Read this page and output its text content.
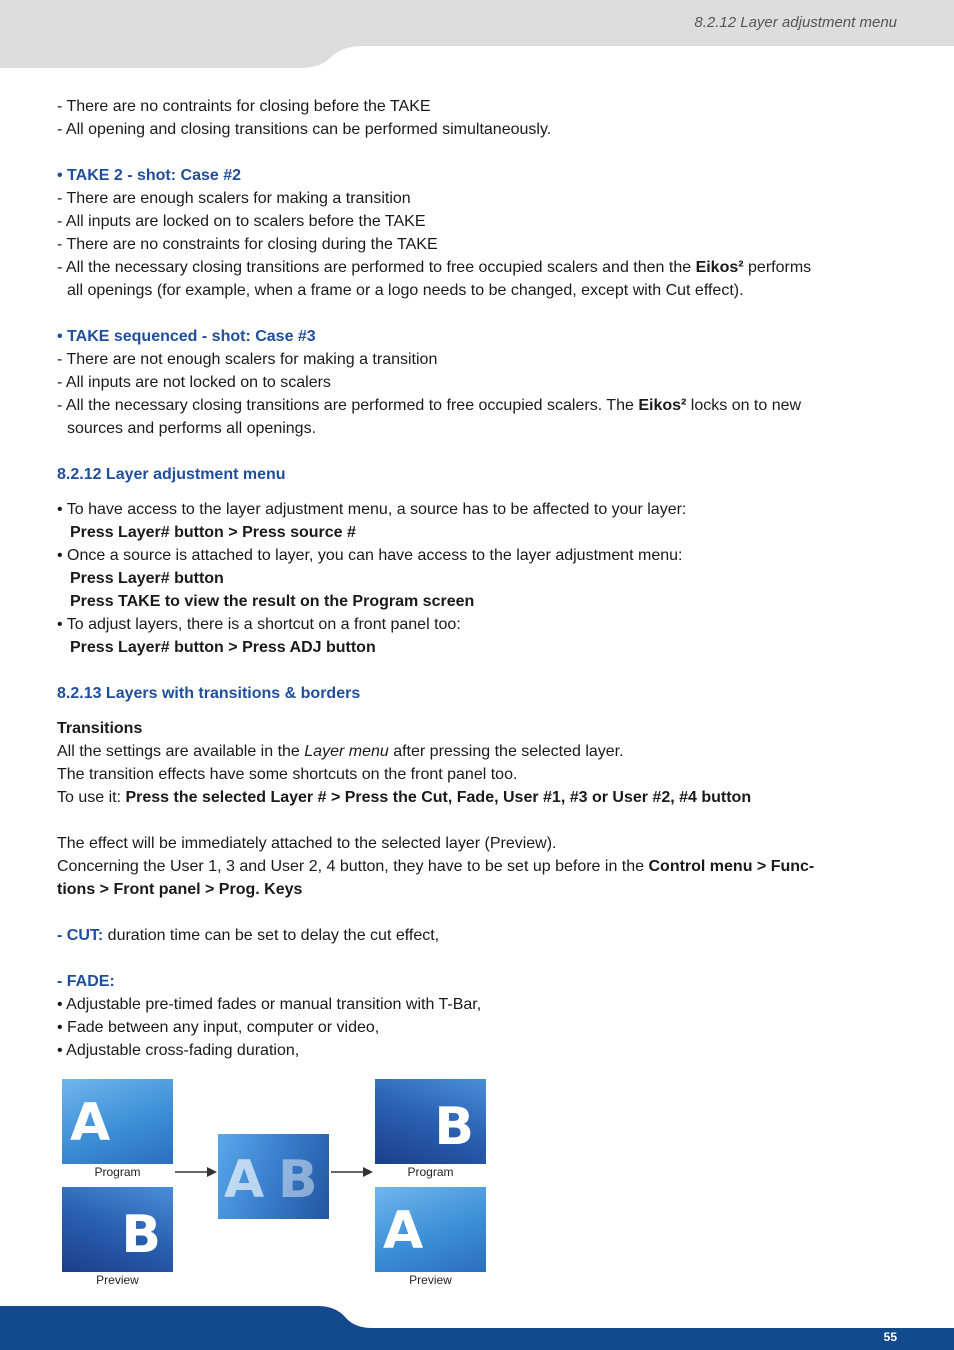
8.2.12 Layer adjustment menu

- There are no contraints for closing before the TAKE

- All opening and closing transitions can be performed simultaneously.

• TAKE 2 - shot: Case #2

- There are enough scalers for making a transition

- All inputs are locked on to scalers before the TAKE

- There are no constraints for closing during the TAKE

- All the necessary closing transitions are performed to free occupied scalers and then the Eikos² performs

all openings (for example, when a frame or a logo needs to be changed, except with Cut effect).

• TAKE sequenced - shot: Case #3

- There are not enough scalers for making a transition

- All inputs are not locked on to scalers

- All the necessary closing transitions are performed to free occupied scalers. The Eikos² locks on to new

sources and performs all openings.

8.2.12 Layer adjustment menu

• To have access to the layer adjustment menu, a source has to be affected to your layer:

Press Layer# button > Press source #

• Once a source is attached to layer, you can have access to the layer adjustment menu:

Press Layer# button

Press TAKE to view the result on the Program screen

• To adjust layers, there is a shortcut on a front panel too:

Press Layer# button > Press ADJ button

8.2.13 Layers with transitions & borders

Transitions

All the settings are available in the Layer menu after pressing the selected layer.

The transition effects have some shortcuts on the front panel too.

To use it: Press the selected Layer # > Press the Cut, Fade, User #1, #3 or User #2, #4 button

The effect will be immediately attached to the selected layer (Preview).

Concerning the User 1, 3 and User 2, 4 button, they have to be set up before in the Control menu > Func-

tions > Front panel > Prog. Keys

- CUT: duration time can be set to delay the cut effect,

- FADE:

• Adjustable pre-timed fades or manual transition with T-Bar,

• Fade between any input, computer or video,

• Adjustable cross-fading duration,

A
Program
B
Preview
A B
B
Program
A
Preview
55
